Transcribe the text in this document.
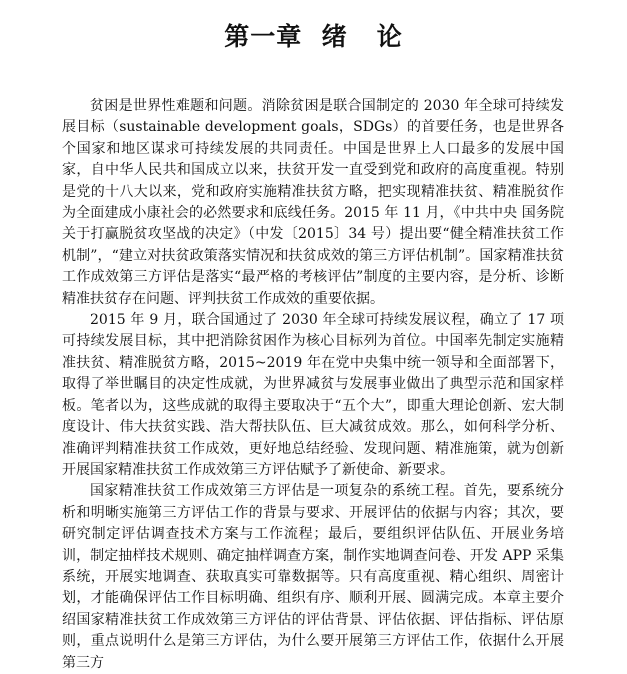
第一章  绪   论

贫困是世界性难题和问题。消除贫困是联合国制定的 2030 年全球可持续发展目标（sustainable development goals，SDGs）的首要任务，也是世界各个国家和地区谋求可持续发展的共同责任。中国是世界上人口最多的发展中国家，自中华人民共和国成立以来，扶贫开发一直受到党和政府的高度重视。特别是党的十八大以来，党和政府实施精准扶贫方略，把实现精准扶贫、精准脱贫作为全面建成小康社会的必然要求和底线任务。2015 年 11 月，《中共中央 国务院关于打赢脱贫攻坚战的决定》（中发〔2015〕34 号）提出要“健全精准扶贫工作机制”，“建立对扶贫政策落实情况和扶贫成效的第三方评估机制”。国家精准扶贫工作成效第三方评估是落实“最严格的考核评估”制度的主要内容，是分析、诊断精准扶贫存在问题、评判扶贫工作成效的重要依据。

2015 年 9 月，联合国通过了 2030 年全球可持续发展议程，确立了 17 项可持续发展目标，其中把消除贫困作为核心目标列为首位。中国率先制定实施精准扶贫、精准脱贫方略，2015~2019 年在党中央集中统一领导和全面部署下，取得了举世瞩目的决定性成就，为世界减贫与发展事业做出了典型示范和国家样板。笔者以为，这些成就的取得主要取决于“五个大”，即重大理论创新、宏大制度设计、伟大扶贫实践、浩大帮扶队伍、巨大减贫成效。那么，如何科学分析、准确评判精准扶贫工作成效，更好地总结经验、发现问题、精准施策，就为创新开展国家精准扶贫工作成效第三方评估赋予了新使命、新要求。

国家精准扶贫工作成效第三方评估是一项复杂的系统工程。首先，要系统分析和明晰实施第三方评估工作的背景与要求、开展评估的依据与内容；其次，要研究制定评估调查技术方案与工作流程；最后，要组织评估队伍、开展业务培训，制定抽样技术规则、确定抽样调查方案，制作实地调查问卷、开发 APP 采集系统，开展实地调查、获取真实可靠数据等。只有高度重视、精心组织、周密计划，才能确保评估工作目标明确、组织有序、顺利开展、圆满完成。本章主要介绍国家精准扶贫工作成效第三方评估的评估背景、评估依据、评估指标、评估原则，重点说明什么是第三方评估，为什么要开展第三方评估工作，依据什么开展第三方
